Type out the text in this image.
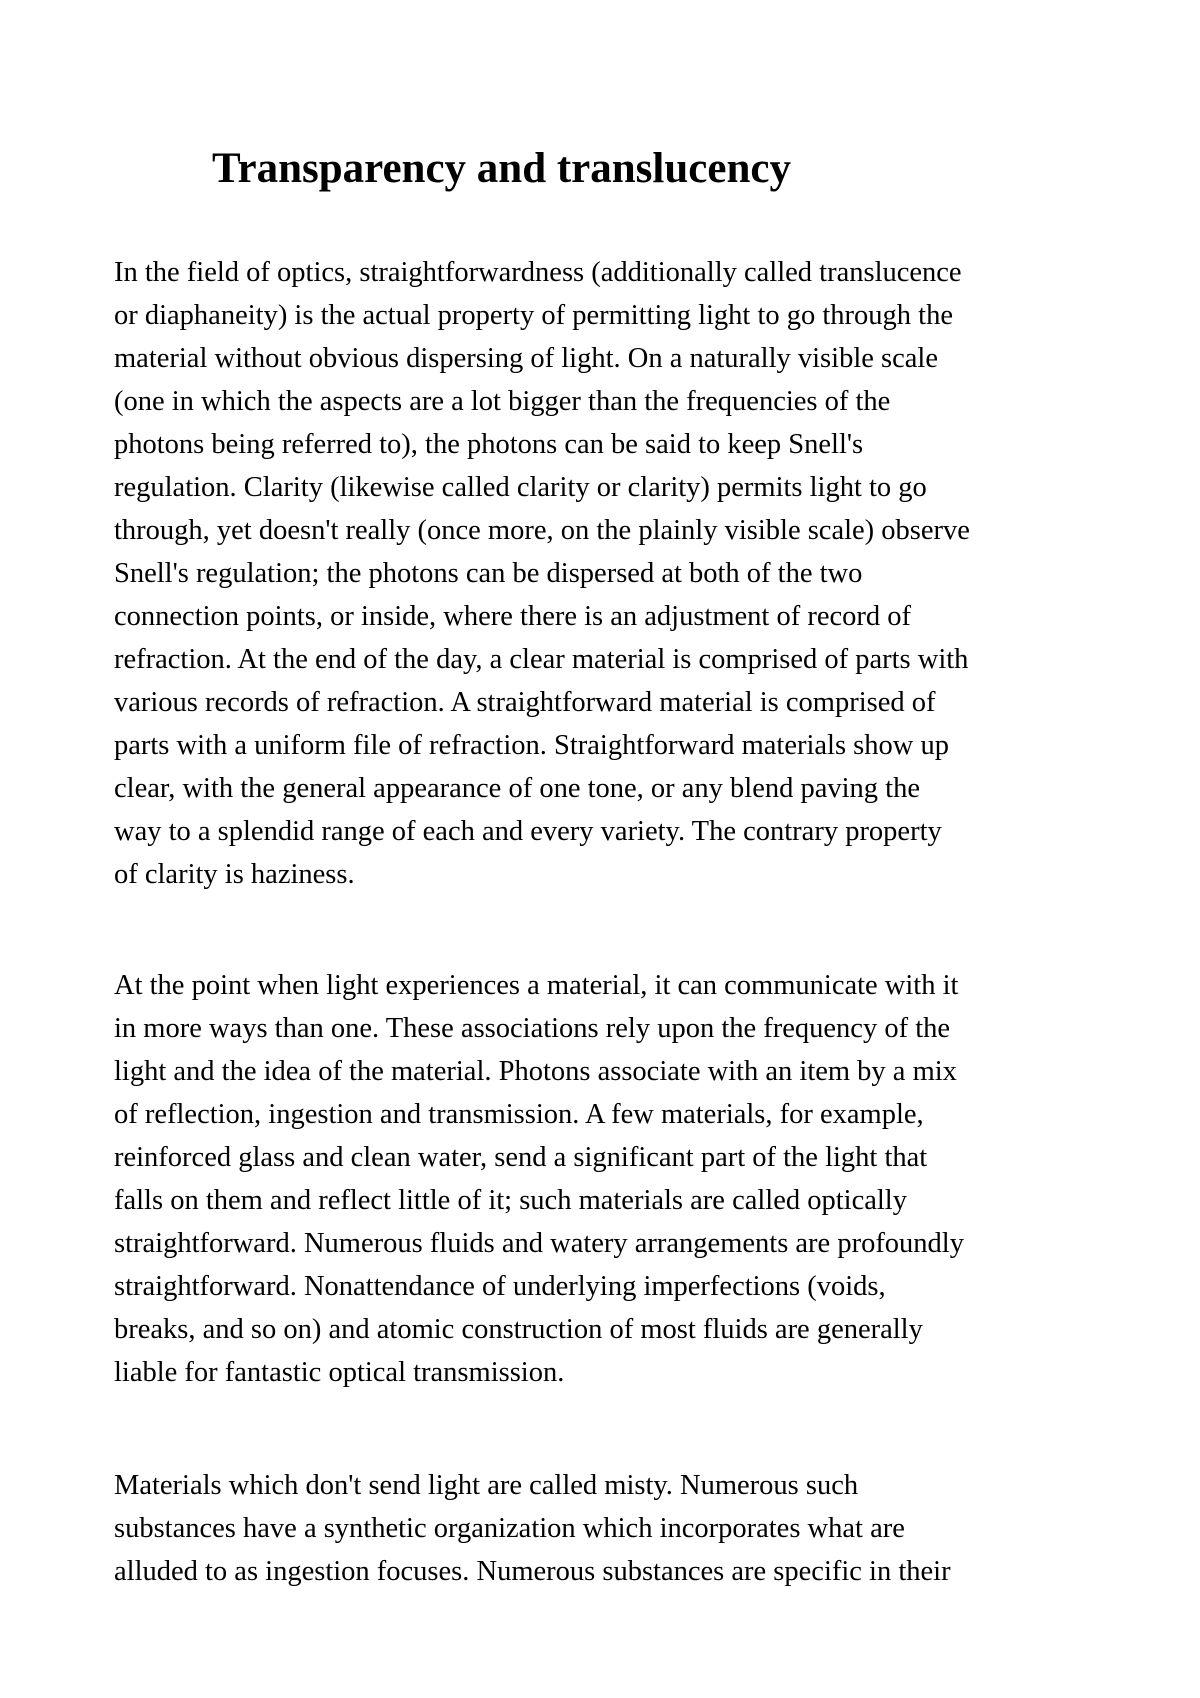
Transparency and translucency

In the field of optics, straightforwardness (additionally called translucence
or diaphaneity) is the actual property of permitting light to go through the
material without obvious dispersing of light. On a naturally visible scale
(one in which the aspects are a lot bigger than the frequencies of the
photons being referred to), the photons can be said to keep Snell's
regulation. Clarity (likewise called clarity or clarity) permits light to go
through, yet doesn't really (once more, on the plainly visible scale) observe
Snell's regulation; the photons can be dispersed at both of the two
connection points, or inside, where there is an adjustment of record of
refraction. At the end of the day, a clear material is comprised of parts with
various records of refraction. A straightforward material is comprised of
parts with a uniform file of refraction. Straightforward materials show up
clear, with the general appearance of one tone, or any blend paving the
way to a splendid range of each and every variety. The contrary property
of clarity is haziness.

At the point when light experiences a material, it can communicate with it
in more ways than one. These associations rely upon the frequency of the
light and the idea of the material. Photons associate with an item by a mix
of reflection, ingestion and transmission. A few materials, for example,
reinforced glass and clean water, send a significant part of the light that
falls on them and reflect little of it; such materials are called optically
straightforward. Numerous fluids and watery arrangements are profoundly
straightforward. Nonattendance of underlying imperfections (voids,
breaks, and so on) and atomic construction of most fluids are generally
liable for fantastic optical transmission.

Materials which don't send light are called misty. Numerous such
substances have a synthetic organization which incorporates what are
alluded to as ingestion focuses. Numerous substances are specific in their
